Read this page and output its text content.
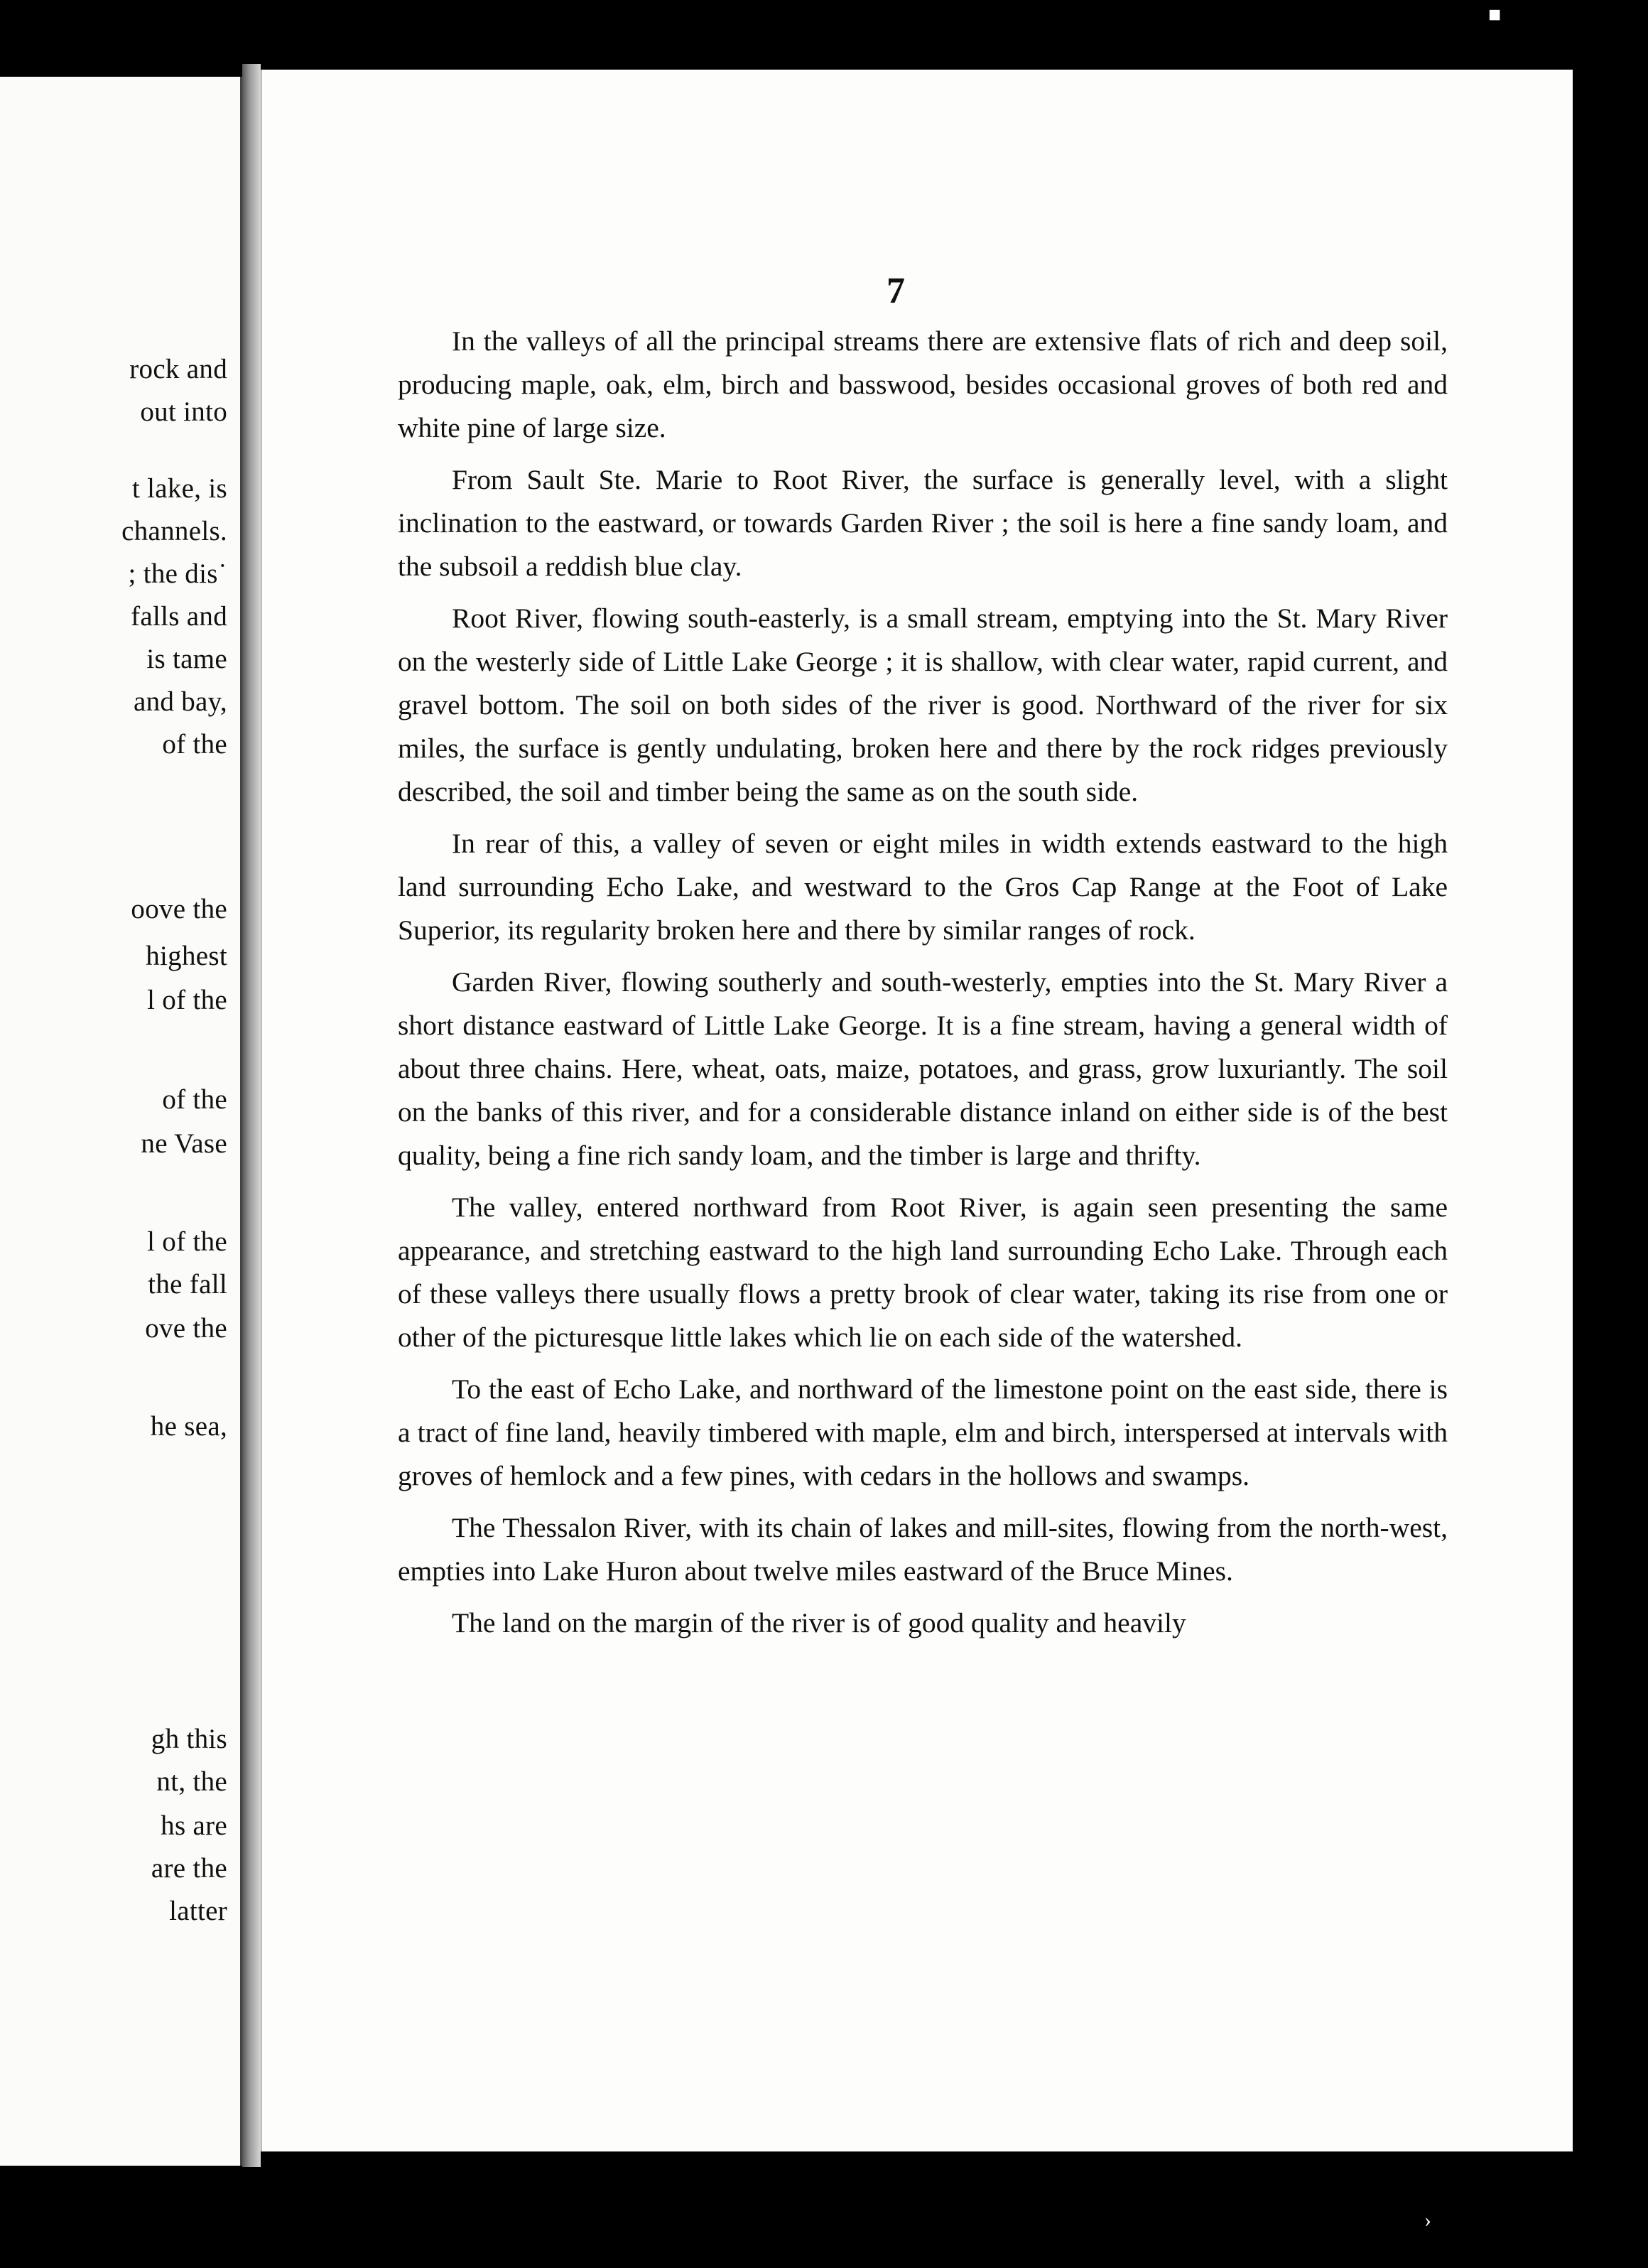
rock and
out into
t lake, is
channels.
; the dis˙
falls and
is tame
and bay,
of the
oove the
highest
l of the
of the
ne Vase
l of the
the fall
ove the
he sea,
gh this
nt, the
hs are
are the
latter
7

In the valleys of all the principal streams there are extensive flats of rich and deep soil, producing maple, oak, elm, birch and basswood, besides occasional groves of both red and white pine of large size.

From Sault Ste. Marie to Root River, the surface is generally level, with a slight inclination to the eastward, or towards Garden River ; the soil is here a fine sandy loam, and the subsoil a reddish blue clay.

Root River, flowing south-easterly, is a small stream, emptying into the St. Mary River on the westerly side of Little Lake George ; it is shallow, with clear water, rapid current, and gravel bottom. The soil on both sides of the river is good. Northward of the river for six miles, the surface is gently undulating, broken here and there by the rock ridges previously described, the soil and timber being the same as on the south side.

In rear of this, a valley of seven or eight miles in width extends eastward to the high land surrounding Echo Lake, and westward to the Gros Cap Range at the Foot of Lake Superior, its regularity broken here and there by similar ranges of rock.

Garden River, flowing southerly and south-westerly, empties into the St. Mary River a short distance eastward of Little Lake George. It is a fine stream, having a general width of about three chains. Here, wheat, oats, maize, potatoes, and grass, grow luxuriantly. The soil on the banks of this river, and for a considerable distance inland on either side is of the best quality, being a fine rich sandy loam, and the timber is large and thrifty.

The valley, entered northward from Root River, is again seen presenting the same appearance, and stretching eastward to the high land surrounding Echo Lake. Through each of these valleys there usually flows a pretty brook of clear water, taking its rise from one or other of the picturesque little lakes which lie on each side of the watershed.

To the east of Echo Lake, and northward of the limestone point on the east side, there is a tract of fine land, heavily timbered with maple, elm and birch, interspersed at intervals with groves of hemlock and a few pines, with cedars in the hollows and swamps.

The Thessalon River, with its chain of lakes and mill-sites, flowing from the north-west, empties into Lake Huron about twelve miles eastward of the Bruce Mines.

The land on the margin of the river is of good quality and heavily

■
›
